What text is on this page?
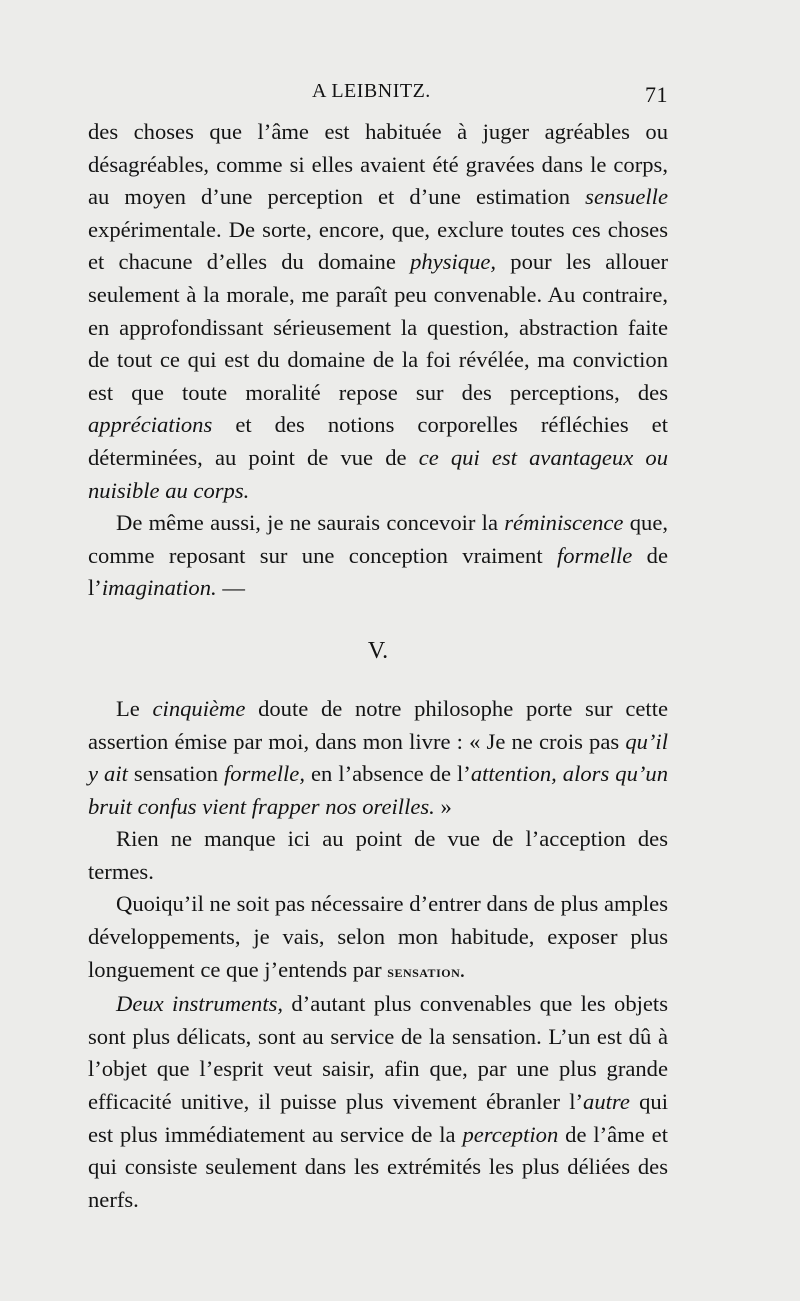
A LEIBNITZ.	71

des choses que l’âme est habituée à juger agréables ou désagréables, comme si elles avaient été gravées dans le corps, au moyen d’une perception et d’une estimation sensuelle expérimentale. De sorte, encore, que, exclure toutes ces choses et chacune d’elles du domaine physique, pour les allouer seulement à la morale, me paraît peu convenable. Au contraire, en approfondissant sérieusement la question, abstraction faite de tout ce qui est du domaine de la foi révélée, ma conviction est que toute moralité repose sur des perceptions, des appréciations et des notions corporelles réfléchies et déterminées, au point de vue de ce qui est avantageux ou nuisible au corps.

De même aussi, je ne saurais concevoir la réminiscence que, comme reposant sur une conception vraiment formelle de l’imagination. —

V.

Le cinquième doute de notre philosophe porte sur cette assertion émise par moi, dans mon livre : « Je ne crois pas qu’il y ait sensation formelle, en l’absence de l’attention, alors qu’un bruit confus vient frapper nos oreilles. »

Rien ne manque ici au point de vue de l’acception des termes.

Quoiqu’il ne soit pas nécessaire d’entrer dans de plus amples développements, je vais, selon mon habitude, exposer plus longuement ce que j’entends par sensation.

Deux instruments, d’autant plus convenables que les objets sont plus délicats, sont au service de la sensation. L’un est dû à l’objet que l’esprit veut saisir, afin que, par une plus grande efficacité unitive, il puisse plus vivement ébranler l’autre qui est plus immédiatement au service de la perception de l’âme et qui consiste seulement dans les extrémités les plus déliées des nerfs.
